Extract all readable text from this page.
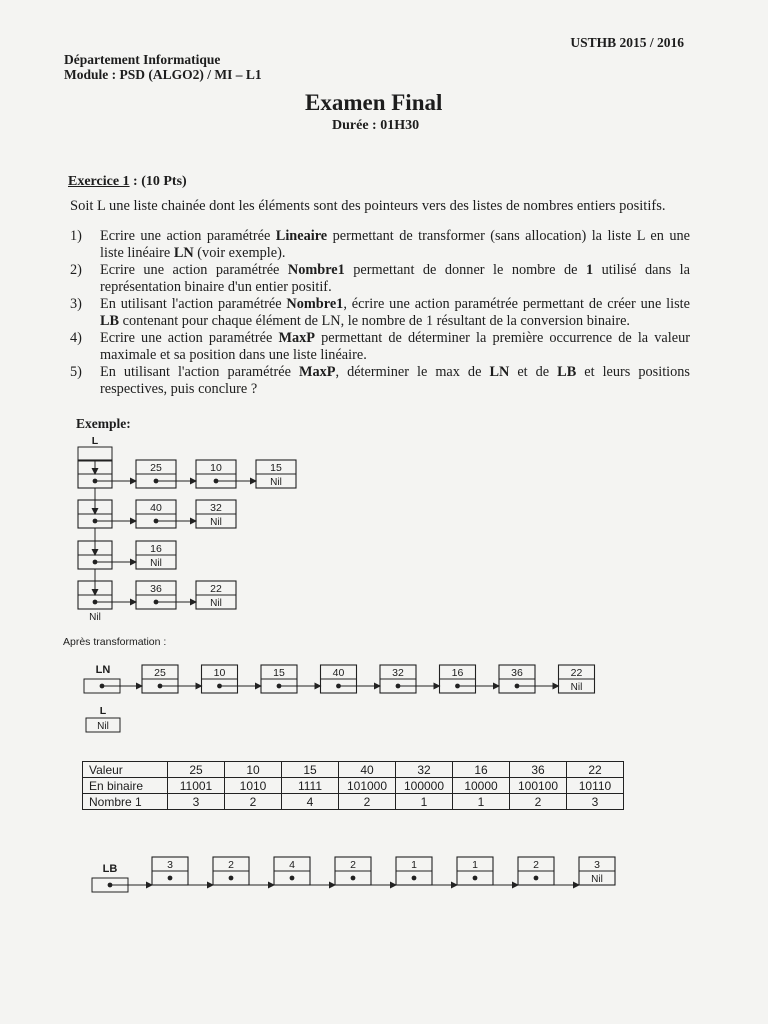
USTHB 2015 / 2016
Département Informatique
Module : PSD (ALGO2) / MI – L1
Examen Final
Durée : 01H30
Exercice 1 : (10 Pts)
Soit L une liste chainée dont les éléments sont des pointeurs vers des listes de nombres entiers positifs.
1) Ecrire une action paramétrée Lineaire permettant de transformer (sans allocation) la liste L en une liste linéaire LN (voir exemple).
2) Ecrire une action paramétrée Nombre1 permettant de donner le nombre de 1 utilisé dans la représentation binaire d'un entier positif.
3) En utilisant l'action paramétrée Nombre1, écrire une action paramétrée permettant de créer une liste LB contenant pour chaque élément de LN, le nombre de 1 résultant de la conversion binaire.
4) Ecrire une action paramétrée MaxP permettant de déterminer la première occurrence de la valeur maximale et sa position dans une liste linéaire.
5) En utilisant l'action paramétrée MaxP, déterminer le max de LN et de LB et leurs positions respectives, puis conclure ?
Exemple:
Après transformation :
L
25	10	15
Nil
40	32
Nil
16
Nil
36	22
Nil
Nil
LN	25	10	15	40	32	16	36	22
Nil
L
Nil
LB	3	2	4	2	1	1	2	3
Nil
Valeur	25	10	15	40	32	16	36	22
En binaire	11001	1010	1111	101000	100000	10000	100100	10110
Nombre 1	3	2	4	2	1	1	2	3
